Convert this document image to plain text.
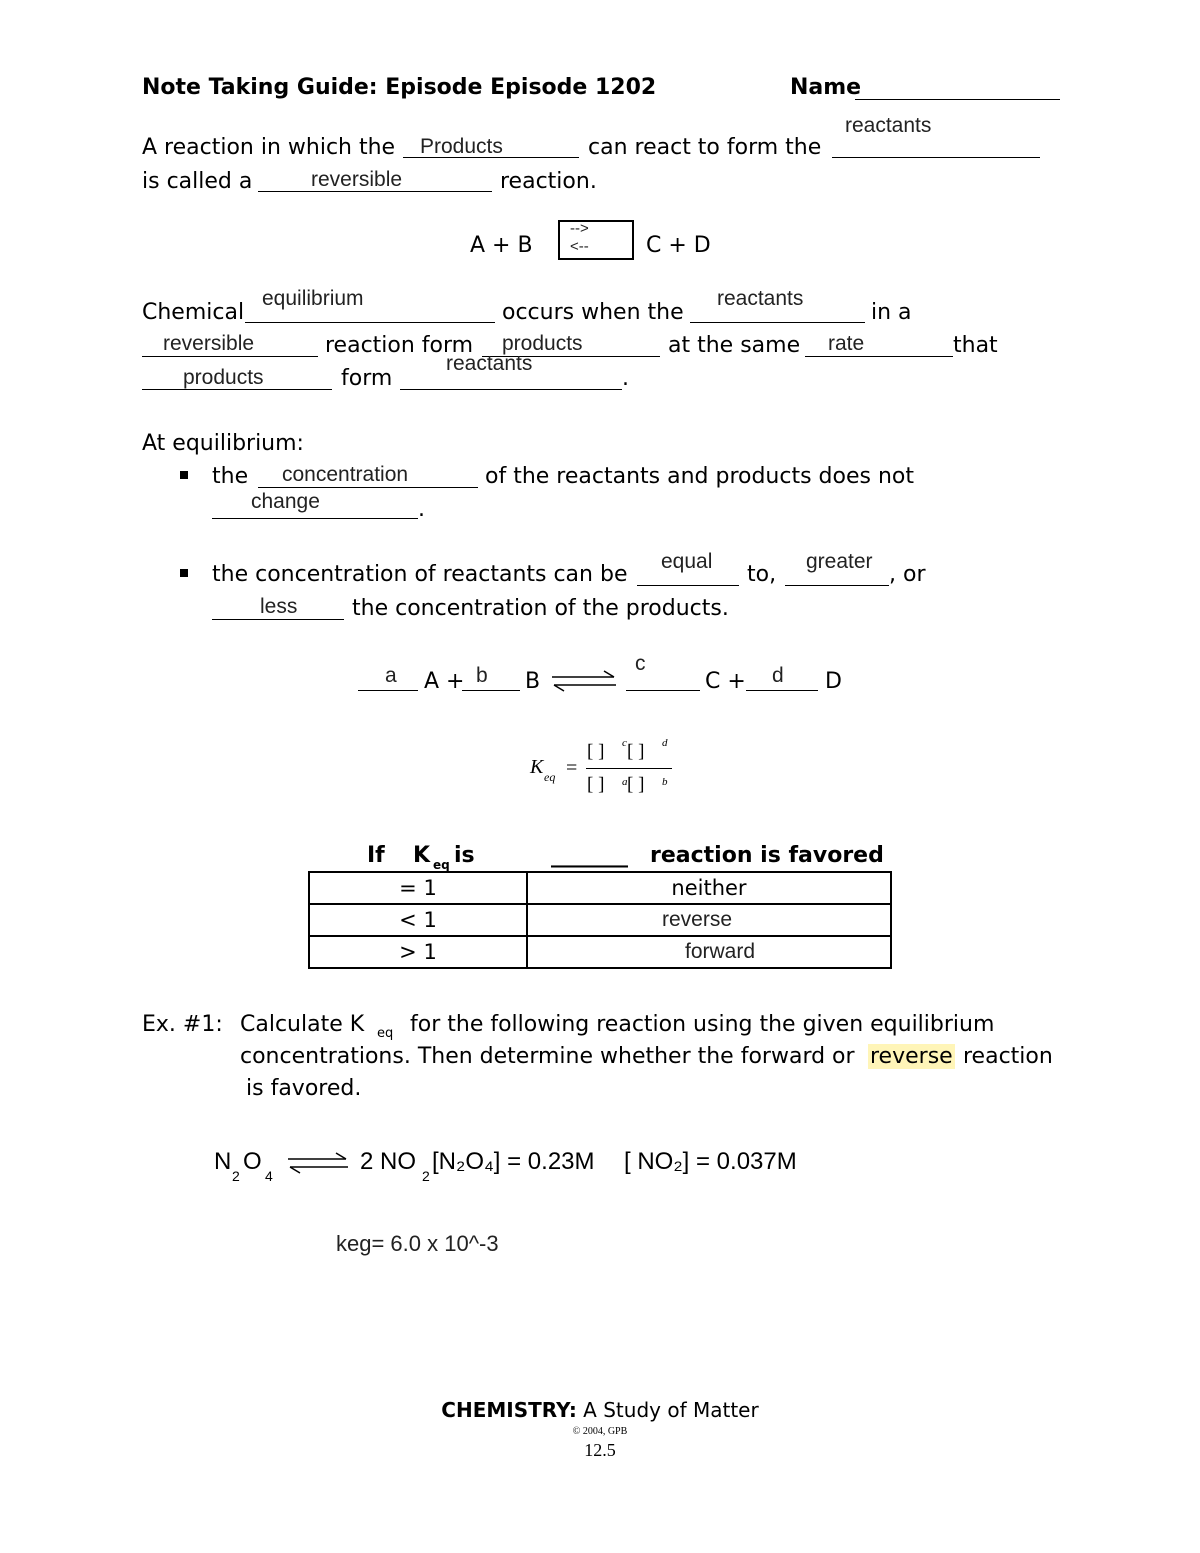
Note Taking Guide: Episode Episode 1202	Name
A reaction in which the Products	can react to form the
reactants
is called a	reversible	reaction.
A + B
-->
<--	C + D
Chemical
equilibrium
occurs when the
reactants
in a
reversible	reaction form products	at the same rate	that
products	form
reactants
.
At equilibrium:
the concentration	of the reactants and products does not
change	.
the concentration of reactants can be
equal
to,
greater
, or
less the concentration of the products.
a A + b B
c
C + d D
K eq =
[ ] c [ ] d
[ ] a [ ] b
If K eq is	_______ reaction is favored
= 1	neither
< 1	reverse
> 1	forward
Ex. #1: Calculate K eq for the following reaction using the given equilibrium
concentrations. Then determine whether the forward or reverse reaction
is favored.
N
2
O
4
⇌ 2 NO
2
[N₂O₄] = 0.23M [ NO₂] = 0.037M
keg= 6.0 x 10^-3
CHEMISTRY: A Study of Matter
© 2004, GPB
12.5
